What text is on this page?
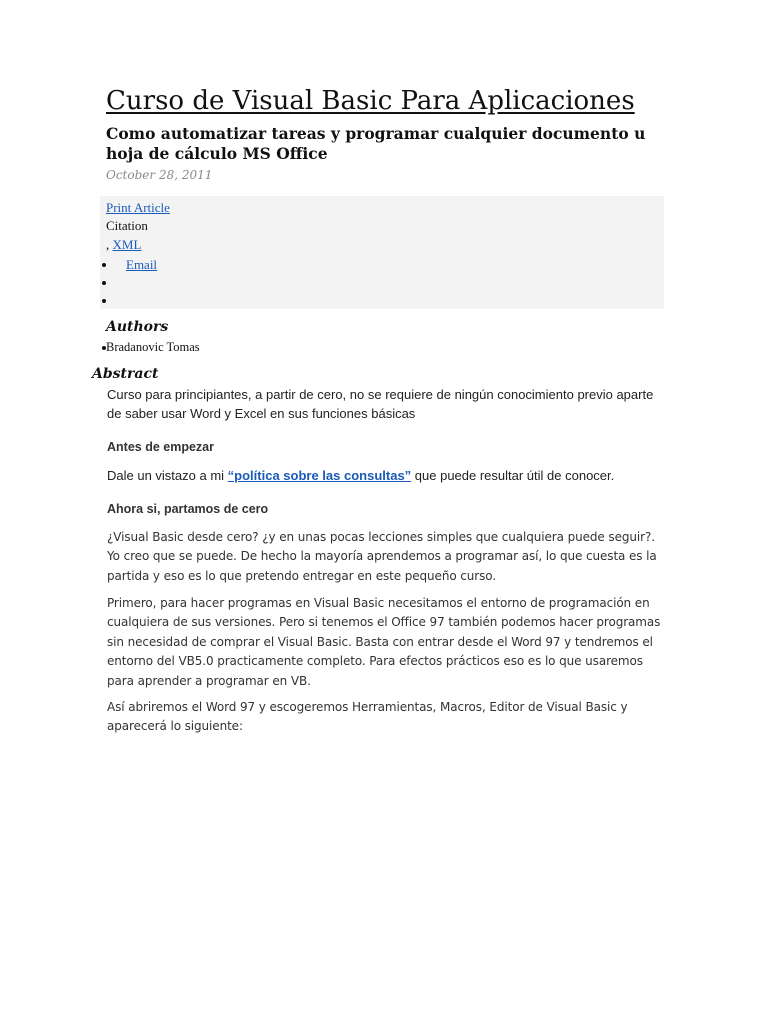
Curso de Visual Basic Para Aplicaciones
Como automatizar tareas y programar cualquier documento u hoja de cálculo MS Office
October 28, 2011
Print Article
Citation
, XML
Email
Authors
Bradanovic Tomas
Abstract

Curso para principiantes, a partir de cero, no se requiere de ningún conocimiento previo aparte de saber usar Word y Excel en sus funciones básicas

Antes de empezar

Dale un vistazo a mi “política sobre las consultas” que puede resultar útil de conocer.

Ahora si, partamos de cero

¿Visual Basic desde cero? ¿y en unas pocas lecciones simples que cualquiera puede seguir?. Yo creo que se puede. De hecho la mayoría aprendemos a programar así, lo que cuesta es la partida y eso es lo que pretendo entregar en este pequeño curso.

Primero, para hacer programas en Visual Basic necesitamos el entorno de programación en cualquiera de sus versiones. Pero si tenemos el Office 97 también podemos hacer programas sin necesidad de comprar el Visual Basic. Basta con entrar desde el Word 97 y tendremos el entorno del VB5.0 practicamente completo. Para efectos prácticos eso es lo que usaremos para aprender a programar en VB.

Así abriremos el Word 97 y escogeremos Herramientas, Macros, Editor de Visual Basic y aparecerá lo siguiente:
